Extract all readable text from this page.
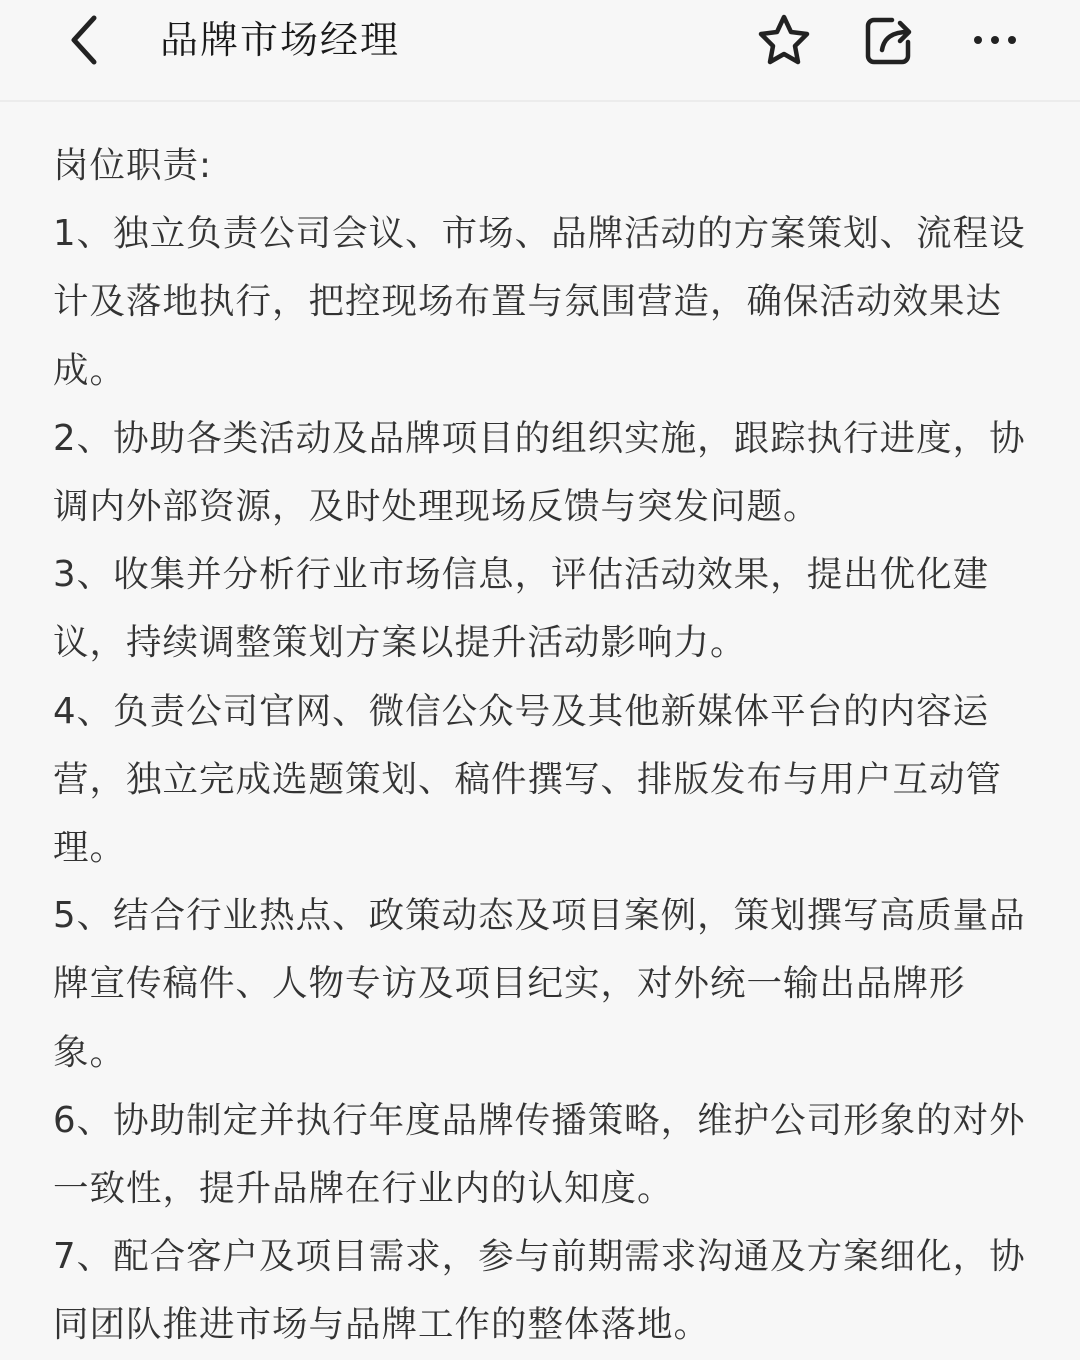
品牌市场经理

岗位职责:

1、独立负责公司会议、市场、品牌活动的方案策划、流程设计及落地执行，把控现场布置与氛围营造，确保活动效果达成。

2、协助各类活动及品牌项目的组织实施，跟踪执行进度，协调内外部资源，及时处理现场反馈与突发问题。

3、收集并分析行业市场信息，评估活动效果，提出优化建议，持续调整策划方案以提升活动影响力。

4、负责公司官网、微信公众号及其他新媒体平台的内容运营，独立完成选题策划、稿件撰写、排版发布与用户互动管理。

5、结合行业热点、政策动态及项目案例，策划撰写高质量品牌宣传稿件、人物专访及项目纪实，对外统一输出品牌形象。

6、协助制定并执行年度品牌传播策略，维护公司形象的对外一致性，提升品牌在行业内的认知度。

7、配合客户及项目需求，参与前期需求沟通及方案细化，协同团队推进市场与品牌工作的整体落地。
